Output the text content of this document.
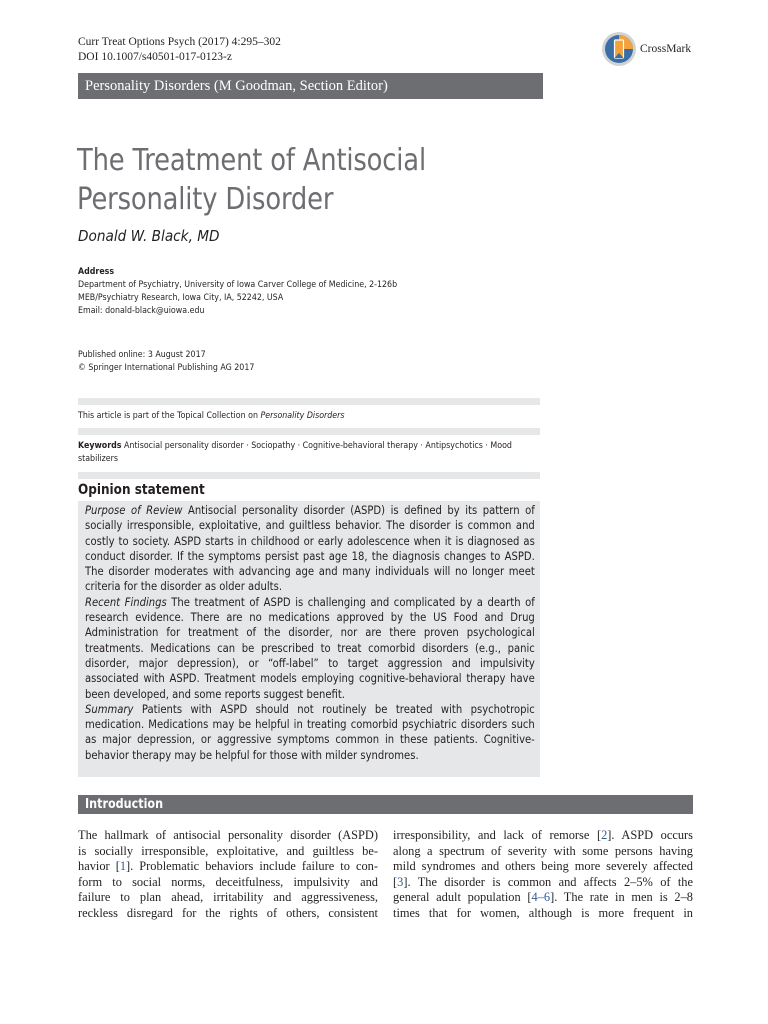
Curr Treat Options Psych (2017) 4:295–302
DOI 10.1007/s40501-017-0123-z
CrossMark
Personality Disorders (M Goodman, Section Editor)
The Treatment of Antisocial Personality Disorder
Donald W. Black, MD
Address
Department of Psychiatry, University of Iowa Carver College of Medicine, 2-126b
MEB/Psychiatry Research, Iowa City, IA, 52242, USA
Email: donald-black@uiowa.edu
Published online: 3 August 2017
© Springer International Publishing AG 2017
This article is part of the Topical Collection on Personality Disorders
Keywords Antisocial personality disorder · Sociopathy · Cognitive-behavioral therapy · Antipsychotics · Mood stabilizers
Opinion statement

Purpose of Review Antisocial personality disorder (ASPD) is defined by its pattern of socially irresponsible, exploitative, and guiltless behavior. The disorder is common and costly to society. ASPD starts in childhood or early adolescence when it is diagnosed as conduct disorder. If the symptoms persist past age 18, the diagnosis changes to ASPD. The disorder moderates with advancing age and many individuals will no longer meet criteria for the disorder as older adults.

Recent Findings The treatment of ASPD is challenging and complicated by a dearth of research evidence. There are no medications approved by the US Food and Drug Administration for treatment of the disorder, nor are there proven psychological treatments. Medications can be prescribed to treat comorbid disorders (e.g., panic disorder, major depression), or “off-label” to target aggression and impulsivity associated with ASPD. Treatment models employing cognitive-behavioral therapy have been developed, and some reports suggest benefit.

Summary Patients with ASPD should not routinely be treated with psychotropic medication. Medications may be helpful in treating comorbid psychiatric disorders such as major depression, or aggressive symptoms common in these patients. Cognitive-behavior therapy may be helpful for those with milder syndromes.

Introduction
The hallmark of antisocial personality disorder (ASPD)
is socially irresponsible, exploitative, and guiltless be-
havior [1]. Problematic behaviors include failure to con-
form to social norms, deceitfulness, impulsivity and
failure to plan ahead, irritability and aggressiveness,
reckless disregard for the rights of others, consistent
irresponsibility, and lack of remorse [2]. ASPD occurs
along a spectrum of severity with some persons having
mild syndromes and others being more severely affected
[3]. The disorder is common and affects 2–5% of the
general adult population [4–6]. The rate in men is 2–8
times that for women, although is more frequent in
